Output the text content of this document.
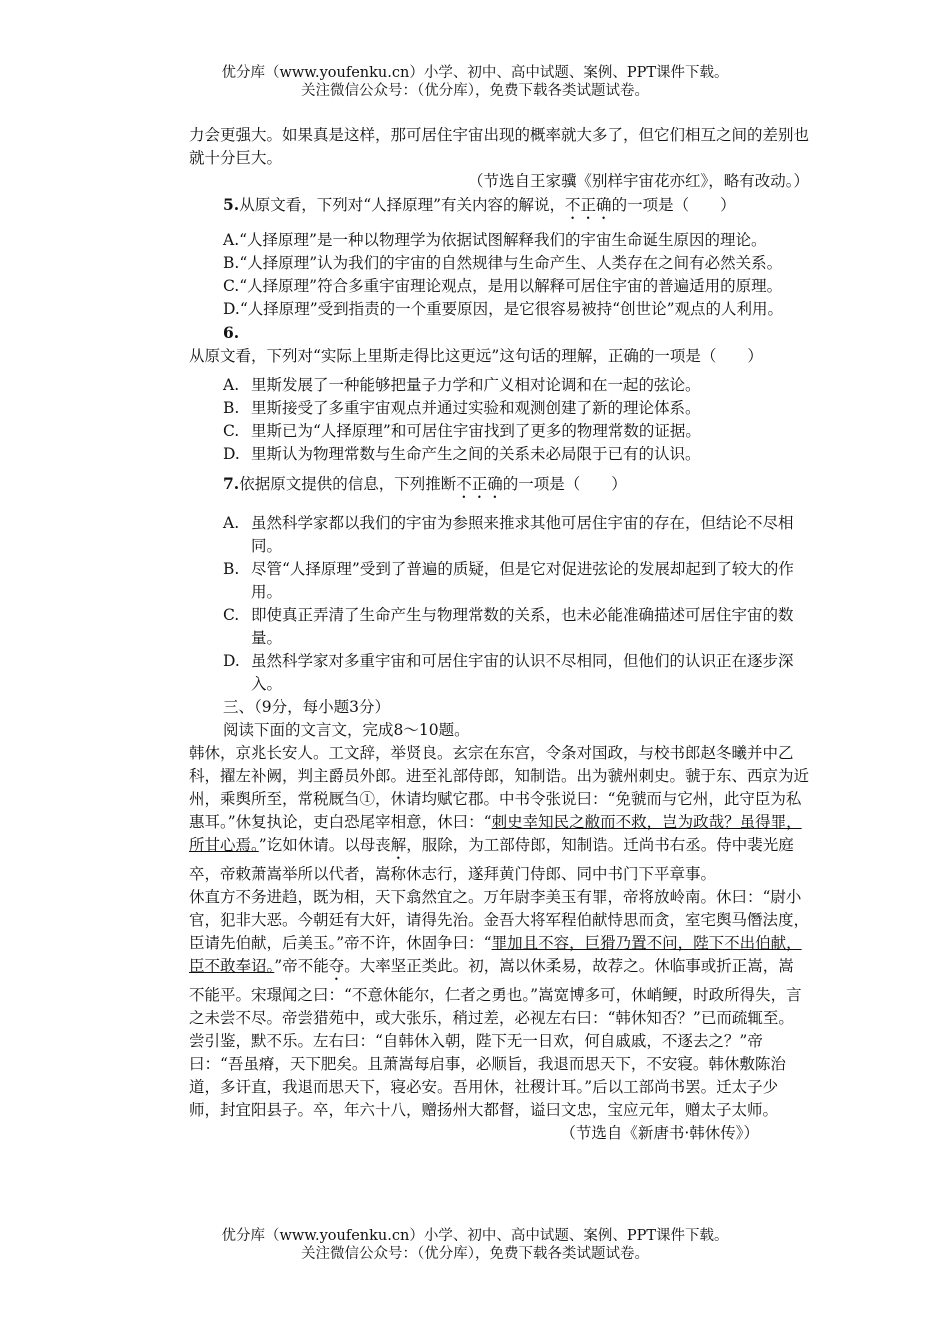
优分库（www.youfenku.cn）小学、初中、高中试题、案例、PPT课件下载。
关注微信公众号：（优分库），免费下载各类试题试卷。

力会更强大。如果真是这样，那可居住宇宙出现的概率就大多了，但它们相互之间的差别也就十分巨大。

（节选自王家骥《别样宇宙花亦红》，略有改动。）

5.从原文看，下列对“人择原理”有关内容的解说，不正确的一项是（　　）

A.“人择原理”是一种以物理学为依据试图解释我们的宇宙生命诞生原因的理论。

B.“人择原理”认为我们的宇宙的自然规律与生命产生、人类存在之间有必然关系。

C.“人择原理”符合多重宇宙理论观点，是用以解释可居住宇宙的普遍适用的原理。

D.“人择原理”受到指责的一个重要原因，是它很容易被持“创世论”观点的人利用。

6.从原文看，下列对“实际上里斯走得比这更远”这句话的理解，正确的一项是（　　）

A. 里斯发展了一种能够把量子力学和广义相对论调和在一起的弦论。
B. 里斯接受了多重宇宙观点并通过实验和观测创建了新的理论体系。
C. 里斯已为“人择原理”和可居住宇宙找到了更多的物理常数的证据。
D. 里斯认为物理常数与生命产生之间的关系未必局限于已有的认识。

7.依据原文提供的信息，下列推断不正确的一项是（　　）

A. 虽然科学家都以我们的宇宙为参照来推求其他可居住宇宙的存在，但结论不尽相同。
B. 尽管“人择原理”受到了普遍的质疑，但是它对促进弦论的发展却起到了较大的作用。
C. 即使真正弄清了生命产生与物理常数的关系，也未必能准确描述可居住宇宙的数量。
D. 虽然科学家对多重宇宙和可居住宇宙的认识不尽相同，但他们的认识正在逐步深入。

三、（9分，每小题3分）

阅读下面的文言文，完成8～10题。

韩休，京兆长安人。工文辞，举贤良。玄宗在东宫，令条对国政，与校书郎赵冬曦并中乙科，擢左补阙，判主爵员外郎。进至礼部侍郎，知制诰。出为虢州刺史。虢于东、西京为近州，乘舆所至，常税厩刍①，休请均赋它郡。中书令张说曰：“免虢而与它州，此守臣为私惠耳。”休复执论，吏白恐尾宰相意，休曰：“刺史幸知民之敝而不救，岂为政哉？虽得罪，所甘心焉。”讫如休请。以母丧解，服除，为工部侍郎，知制诰。迁尚书右丞。侍中裴光庭卒，帝敕萧嵩举所以代者，嵩称休志行，遂拜黄门侍郎、同中书门下平章事。

休直方不务进趋，既为相，天下翕然宜之。万年尉李美玉有罪，帝将放岭南。休曰：“尉小官，犯非大恶。今朝廷有大奸，请得先治。金吾大将军程伯献恃思而贪，室宅舆马僭法度，臣请先伯献，后美玉。”帝不许，休固争曰：“罪加且不容，巨猾乃置不问，陛下不出伯献，臣不敢奉诏。”帝不能夺。大率坚正类此。初，嵩以休柔易，故荐之。休临事或折正嵩，嵩不能平。宋璟闻之曰：“不意休能尔，仁者之勇也。”嵩宽博多可，休峭鲠，时政所得失，言之未尝不尽。帝尝猎苑中，或大张乐，稍过差，必视左右曰：“韩休知否？”已而疏辄至。尝引鉴，默不乐。左右曰：“自韩休入朝，陛下无一日欢，何自戚戚，不逐去之？”帝曰：“吾虽瘠，天下肥矣。且萧嵩每启事，必顺旨，我退而思天下，不安寝。韩休敷陈治道，多讦直，我退而思天下，寝必安。吾用休，社稷计耳。”后以工部尚书罢。迁太子少师，封宜阳县子。卒，年六十八，赠扬州大都督，谥曰文忠，宝应元年，赠太子太师。

（节选自《新唐书·韩休传》）

优分库（www.youfenku.cn）小学、初中、高中试题、案例、PPT课件下载。
关注微信公众号：（优分库），免费下载各类试题试卷。
